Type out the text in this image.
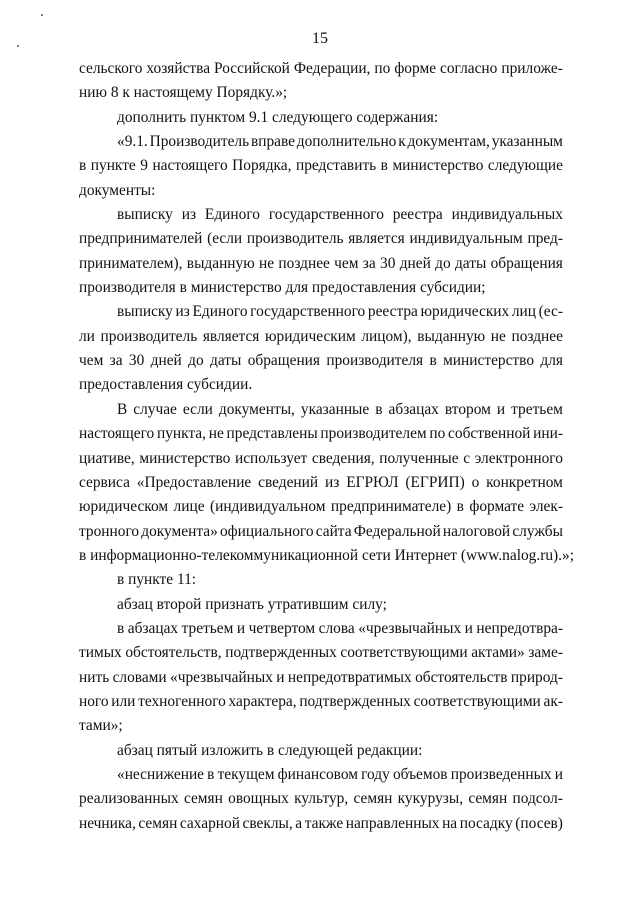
15
сельского хозяйства Российской Федерации, по форме согласно приложе-
нию 8 к настоящему Порядку.»;
дополнить пунктом 9.1 следующего содержания:
«9.1. Производитель вправе дополнительно к документам, указанным
в пункте 9 настоящего Порядка, представить в министерство следующие
документы:
выписку из Единого государственного реестра индивидуальных
предпринимателей (если производитель является индивидуальным пред-
принимателем), выданную не позднее чем за 30 дней до даты обращения
производителя в министерство для предоставления субсидии;
выписку из Единого государственного реестра юридических лиц (ес-
ли производитель является юридическим лицом), выданную не позднее
чем за 30 дней до даты обращения производителя в министерство для
предоставления субсидии.
В случае если документы, указанные в абзацах втором и третьем
настоящего пункта, не представлены производителем по собственной ини-
циативе, министерство использует сведения, полученные с электронного
сервиса «Предоставление сведений из ЕГРЮЛ (ЕГРИП) о конкретном
юридическом лице (индивидуальном предпринимателе) в формате элек-
тронного документа» официального сайта Федеральной налоговой службы
в информационно-телекоммуникационной сети Интернет (www.nalog.ru).»;
в пункте 11:
абзац второй признать утратившим силу;
в абзацах третьем и четвертом слова «чрезвычайных и непредотвра-
тимых обстоятельств, подтвержденных соответствующими актами» заме-
нить словами «чрезвычайных и непредотвратимых обстоятельств природ-
ного или техногенного характера, подтвержденных соответствующими ак-
тами»;
абзац пятый изложить в следующей редакции:
«неснижение в текущем финансовом году объемов произведенных и
реализованных семян овощных культур, семян кукурузы, семян подсол-
нечника, семян сахарной свеклы, а также направленных на посадку (посев)
